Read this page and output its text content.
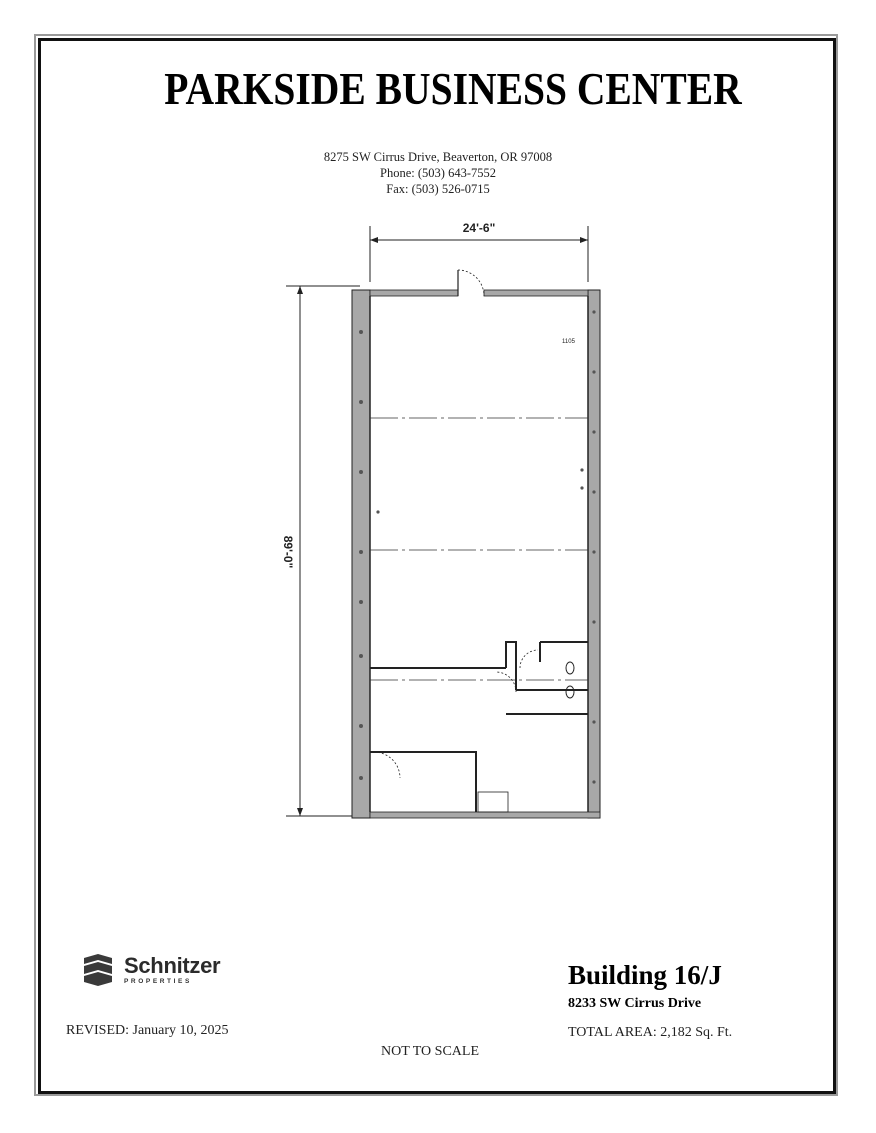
PARKSIDE BUSINESS CENTER
8275 SW Cirrus Drive, Beaverton, OR 97008
Phone: (503) 643-7552
Fax: (503) 526-0715
24'-6"
89'-0"
1105
Schnitzer
PROPERTIES	Building 16/J
8233 SW Cirrus Drive
REVISED: January 10, 2025	TOTAL AREA: 2,182 Sq. Ft.
NOT TO SCALE
